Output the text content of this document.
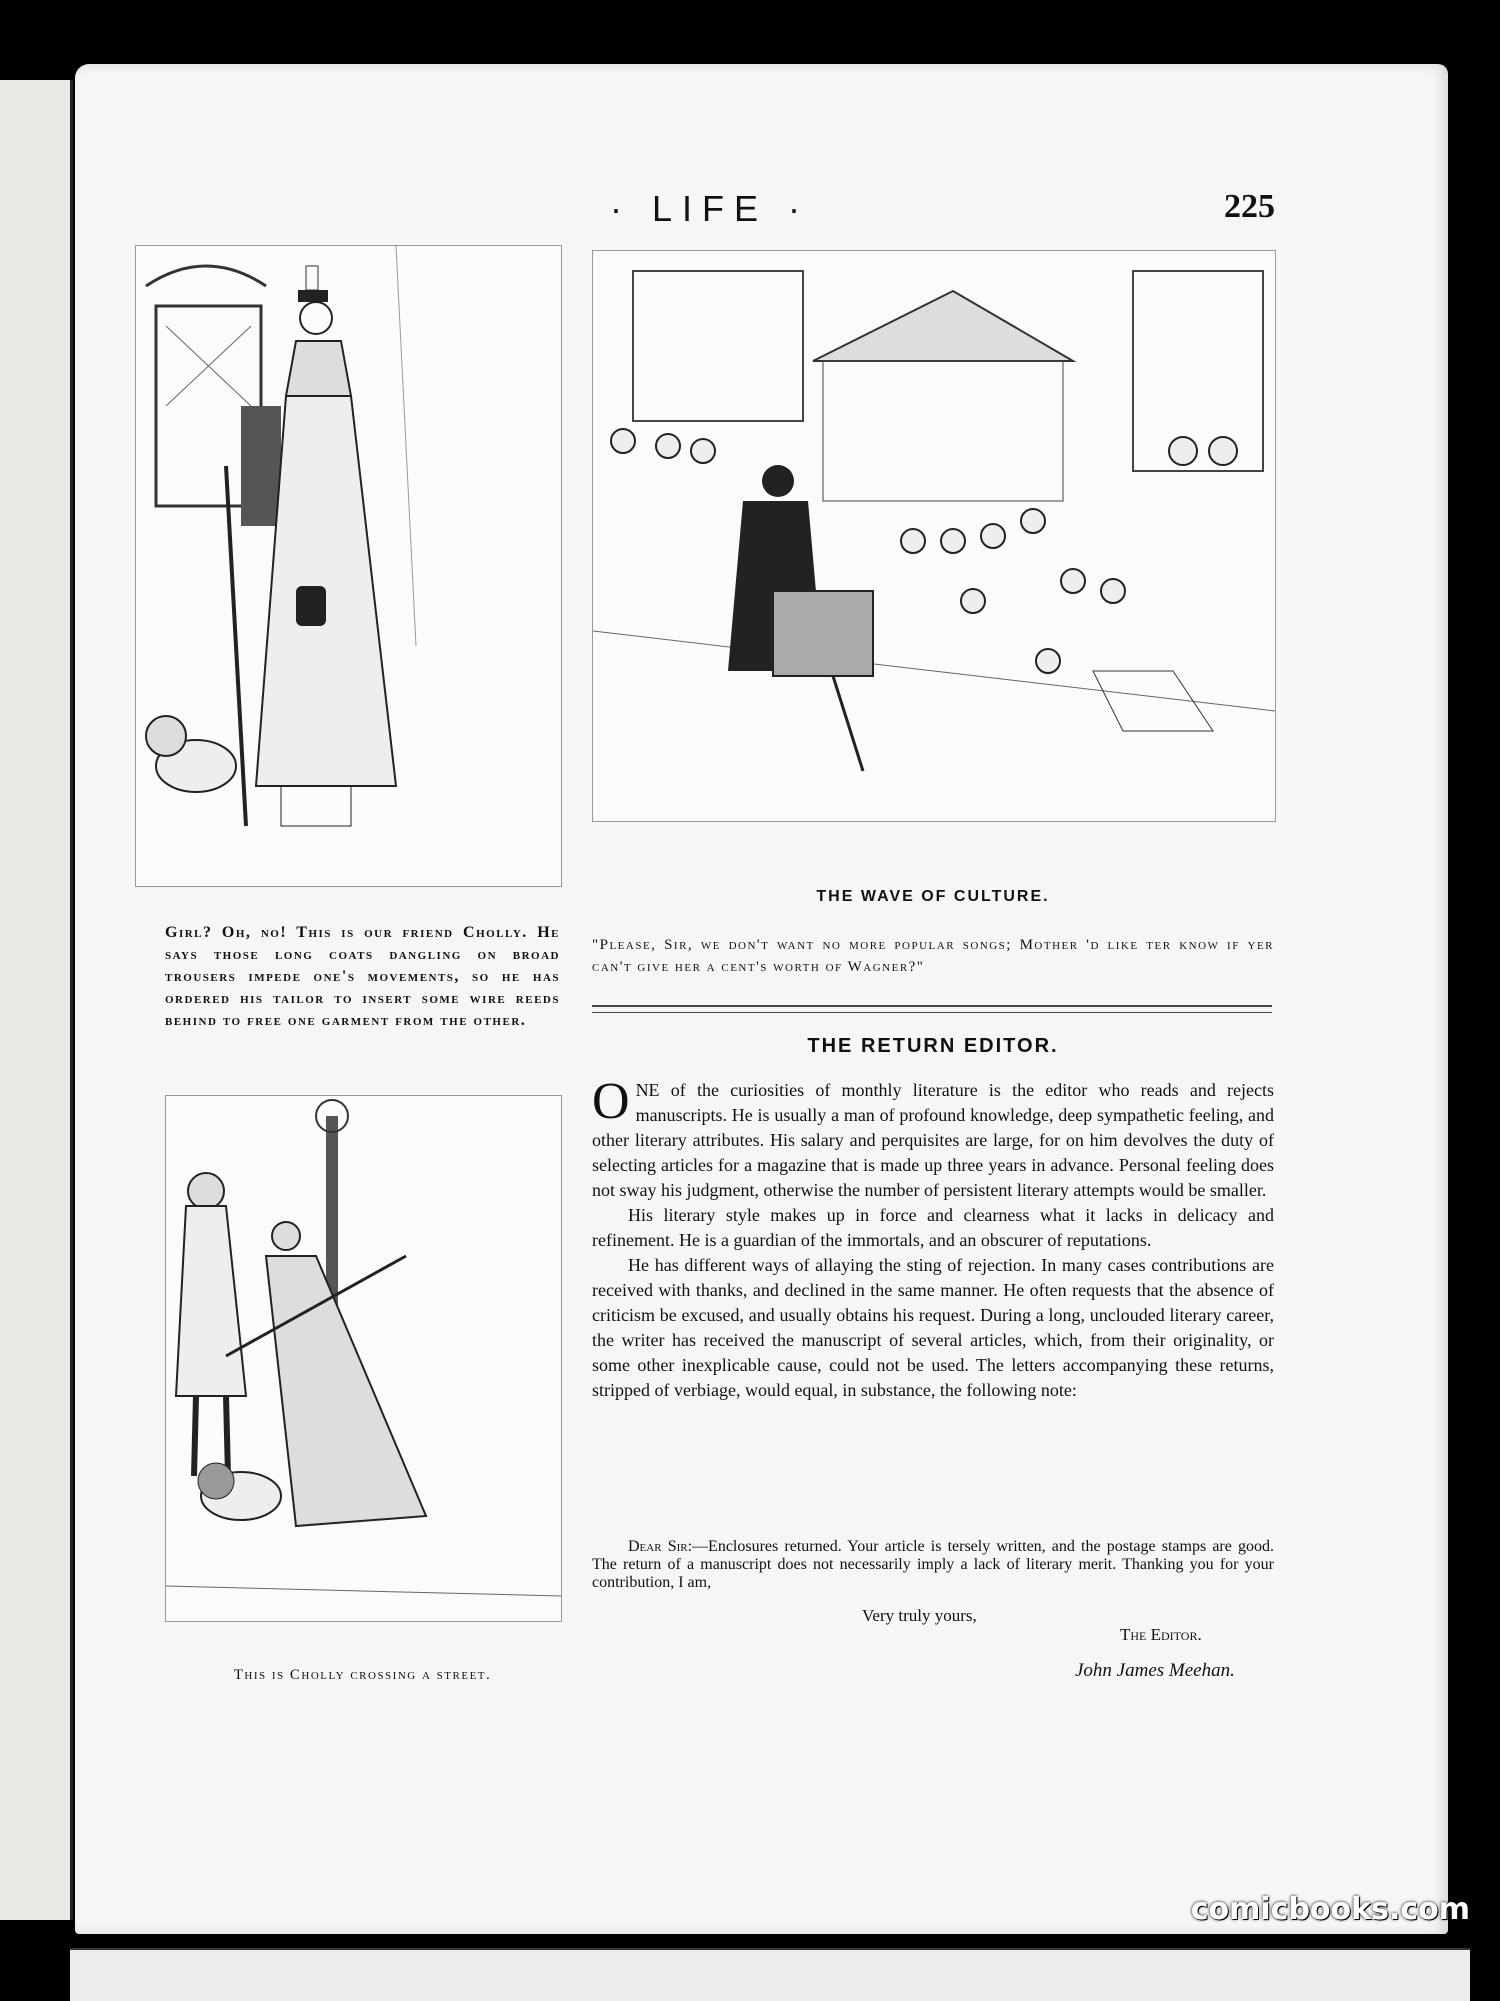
· LIFE ·	225
Girl? Oh, no! This is our friend Cholly. He says those long coats dangling on broad trousers impede one's movements, so he has ordered his tailor to insert some wire reeds behind to free one garment from the other.
THE WAVE OF CULTURE.
"Please, Sir, we don't want no more popular songs; Mother 'd like ter know if yer can't give her a cent's worth of Wagner?"
This is Cholly crossing a street.
THE RETURN EDITOR.

ONE of the curiosities of monthly literature is the editor who reads and rejects manuscripts. He is usually a man of profound knowledge, deep sympathetic feeling, and other literary attributes. His salary and perquisites are large, for on him devolves the duty of selecting articles for a magazine that is made up three years in advance. Personal feeling does not sway his judgment, otherwise the number of persistent literary attempts would be smaller.

His literary style makes up in force and clearness what it lacks in delicacy and refinement. He is a guardian of the immortals, and an obscurer of reputations.

He has different ways of allaying the sting of rejection. In many cases contributions are received with thanks, and declined in the same manner. He often requests that the absence of criticism be excused, and usually obtains his request. During a long, unclouded literary career, the writer has received the manuscript of several articles, which, from their originality, or some other inexplicable cause, could not be used. The letters accompanying these returns, stripped of verbiage, would equal, in substance, the following note:

Dear Sir:—Enclosures returned. Your article is tersely written, and the postage stamps are good. The return of a manuscript does not necessarily imply a lack of literary merit. Thanking you for your contribution, I am,
Very truly yours,
The Editor.
John James Meehan.
comicbooks.com
